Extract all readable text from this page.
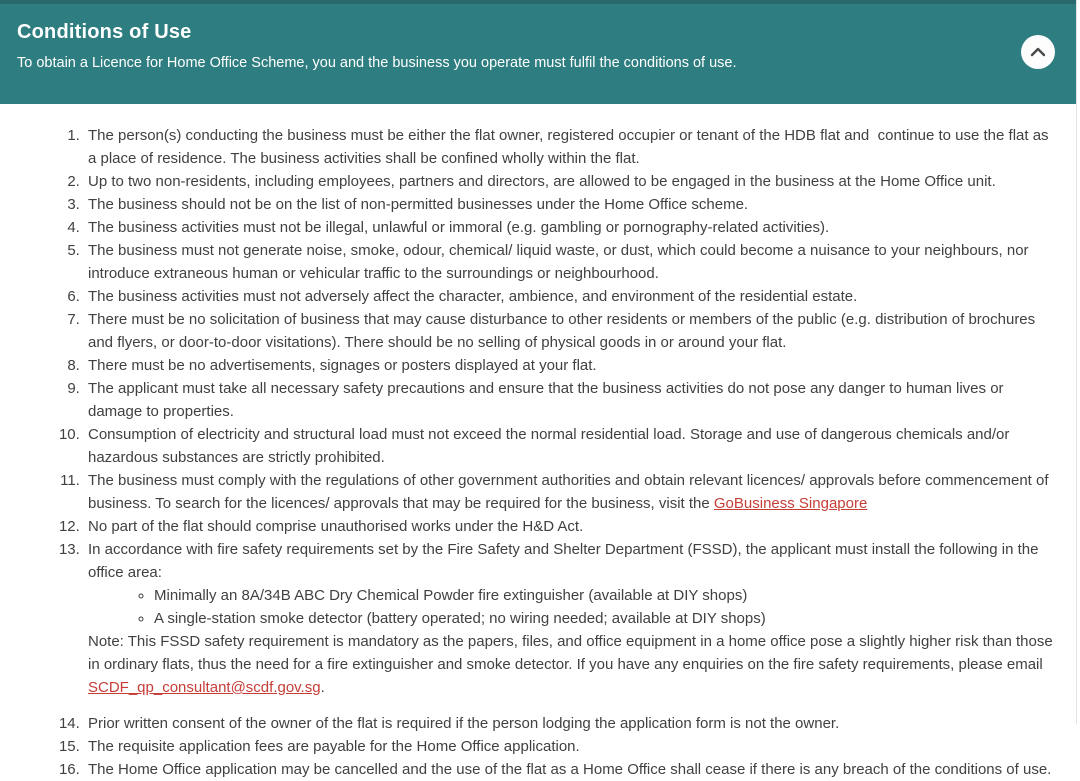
Conditions of Use

To obtain a Licence for Home Office Scheme, you and the business you operate must fulfil the conditions of use.

1. The person(s) conducting the business must be either the flat owner, registered occupier or tenant of the HDB flat and  continue to use the flat as a place of residence. The business activities shall be confined wholly within the flat.
2. Up to two non-residents, including employees, partners and directors, are allowed to be engaged in the business at the Home Office unit.
3. The business should not be on the list of non-permitted businesses under the Home Office scheme.
4. The business activities must not be illegal, unlawful or immoral (e.g. gambling or pornography-related activities).
5. The business must not generate noise, smoke, odour, chemical/ liquid waste, or dust, which could become a nuisance to your neighbours, nor introduce extraneous human or vehicular traffic to the surroundings or neighbourhood.
6. The business activities must not adversely affect the character, ambience, and environment of the residential estate.
7. There must be no solicitation of business that may cause disturbance to other residents or members of the public (e.g. distribution of brochures and flyers, or door-to-door visitations). There should be no selling of physical goods in or around your flat.
8. There must be no advertisements, signages or posters displayed at your flat.
9. The applicant must take all necessary safety precautions and ensure that the business activities do not pose any danger to human lives or damage to properties.
10. Consumption of electricity and structural load must not exceed the normal residential load. Storage and use of dangerous chemicals and/or hazardous substances are strictly prohibited.
11. The business must comply with the regulations of other government authorities and obtain relevant licences/ approvals before commencement of business. To search for the licences/ approvals that may be required for the business, visit the GoBusiness Singapore
12. No part of the flat should comprise unauthorised works under the H&D Act.
13. In accordance with fire safety requirements set by the Fire Safety and Shelter Department (FSSD), the applicant must install the following in the office area:
◦ Minimally an 8A/34B ABC Dry Chemical Powder fire extinguisher (available at DIY shops)
◦ A single-station smoke detector (battery operated; no wiring needed; available at DIY shops)
Note: This FSSD safety requirement is mandatory as the papers, files, and office equipment in a home office pose a slightly higher risk than those in ordinary flats, thus the need for a fire extinguisher and smoke detector. If you have any enquiries on the fire safety requirements, please email SCDF_qp_consultant@scdf.gov.sg.
14. Prior written consent of the owner of the flat is required if the person lodging the application form is not the owner.
15. The requisite application fees are payable for the Home Office application.
16. The Home Office application may be cancelled and the use of the flat as a Home Office shall cease if there is any breach of the conditions of use.
